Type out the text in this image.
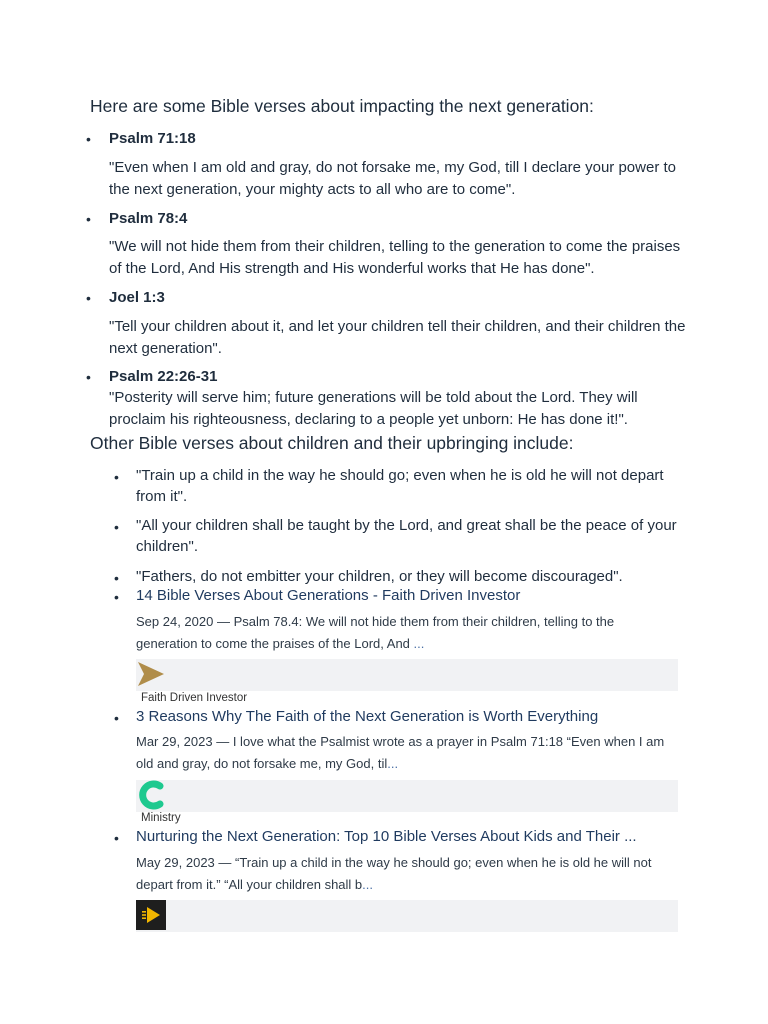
Here are some Bible verses about impacting the next generation:
• Psalm 71:18
"Even when I am old and gray, do not forsake me, my God, till I declare your power to the next generation, your mighty acts to all who are to come".
• Psalm 78:4
"We will not hide them from their children, telling to the generation to come the praises of the Lord, And His strength and His wonderful works that He has done".
• Joel 1:3
"Tell your children about it, and let your children tell their children, and their children the next generation".
• Psalm 22:26-31
"Posterity will serve him; future generations will be told about the Lord. They will proclaim his righteousness, declaring to a people yet unborn: He has done it!".
Other Bible verses about children and their upbringing include:
• "Train up a child in the way he should go; even when he is old he will not depart from it".
• "All your children shall be taught by the Lord, and great shall be the peace of your children".
• "Fathers, do not embitter your children, or they will become discouraged".
• 14 Bible Verses About Generations - Faith Driven Investor
Sep 24, 2020 — Psalm 78.4: We will not hide them from their children, telling to the generation to come the praises of the Lord, And ...
Faith Driven Investor
• 3 Reasons Why The Faith of the Next Generation is Worth Everything
Mar 29, 2023 — I love what the Psalmist wrote as a prayer in Psalm 71:18 “Even when I am old and gray, do not forsake me, my God, til...
Ministry
• Nurturing the Next Generation: Top 10 Bible Verses About Kids and Their ...
May 29, 2023 — “Train up a child in the way he should go; even when he is old he will not depart from it.” “All your children shall b...
